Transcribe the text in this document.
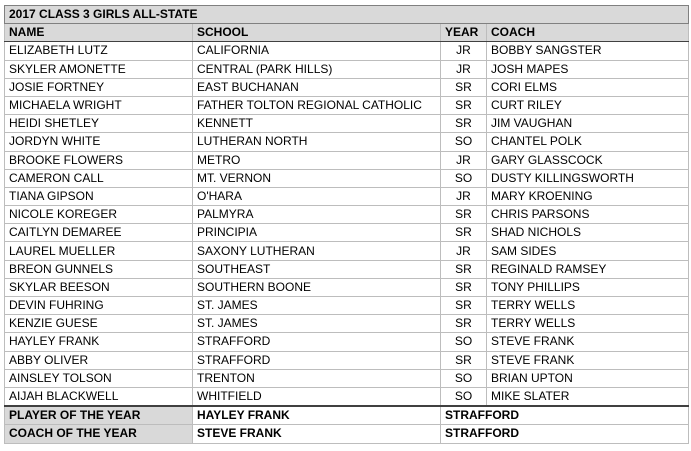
2017 CLASS 3 GIRLS ALL-STATE			
NAME	SCHOOL	YEAR	COACH
ELIZABETH LUTZ	CALIFORNIA	JR	BOBBY SANGSTER
SKYLER AMONETTE	CENTRAL (PARK HILLS)	JR	JOSH MAPES
JOSIE FORTNEY	EAST BUCHANAN	SR	CORI ELMS
MICHAELA WRIGHT	FATHER TOLTON REGIONAL CATHOLIC	SR	CURT RILEY
HEIDI SHETLEY	KENNETT	SR	JIM VAUGHAN
JORDYN WHITE	LUTHERAN NORTH	SO	CHANTEL POLK
BROOKE FLOWERS	METRO	JR	GARY GLASSCOCK
CAMERON CALL	MT. VERNON	SO	DUSTY KILLINGSWORTH
TIANA GIPSON	O'HARA	JR	MARY KROENING
NICOLE KOREGER	PALMYRA	SR	CHRIS PARSONS
CAITLYN DEMAREE	PRINCIPIA	SR	SHAD NICHOLS
LAUREL MUELLER	SAXONY LUTHERAN	JR	SAM SIDES
BREON GUNNELS	SOUTHEAST	SR	REGINALD RAMSEY
SKYLAR BEESON	SOUTHERN BOONE	SR	TONY PHILLIPS
DEVIN FUHRING	ST. JAMES	SR	TERRY WELLS
KENZIE GUESE	ST. JAMES	SR	TERRY WELLS
HAYLEY FRANK	STRAFFORD	SO	STEVE FRANK
ABBY OLIVER	STRAFFORD	SR	STEVE FRANK
AINSLEY TOLSON	TRENTON	SO	BRIAN UPTON
AIJAH BLACKWELL	WHITFIELD	SO	MIKE SLATER
PLAYER OF THE YEAR	HAYLEY FRANK	STRAFFORD	
COACH OF THE YEAR	STEVE FRANK	STRAFFORD	
